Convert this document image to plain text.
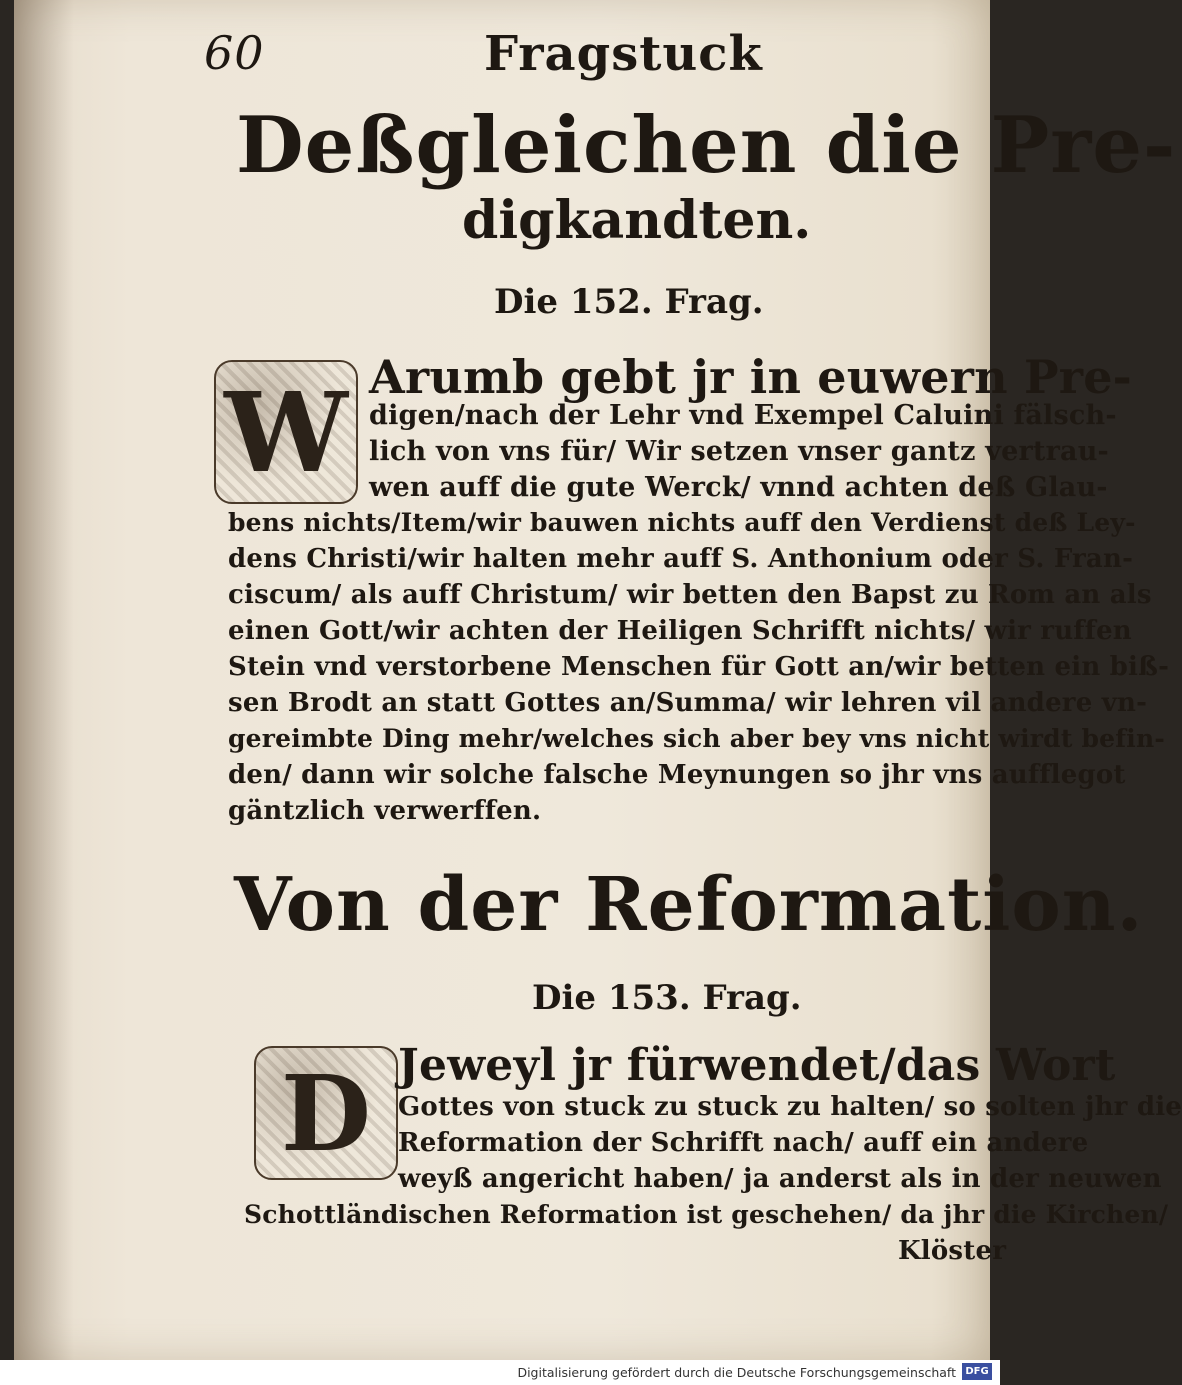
60	Fragstuck
Deßgleichen die Pre-
digkandten.
Die 152. Frag.
W Arumb gebt jr in euwern Pre-
digen/nach der Lehr vnd Exempel Caluini fälsch-
lich von vns für/ Wir setzen vnser gantz vertrau-
wen auff die gute Werck/ vnnd achten deß Glau-
bens nichts/Item/wir bauwen nichts auff den Verdienst deß Ley-
dens Christi/wir halten mehr auff S. Anthonium oder S. Fran-
ciscum/ als auff Christum/ wir betten den Bapst zu Rom an als
einen Gott/wir achten der Heiligen Schrifft nichts/ wir ruffen
Stein vnd verstorbene Menschen für Gott an/wir betten ein biß-
sen Brodt an statt Gottes an/Summa/ wir lehren vil andere vn-
gereimbte Ding mehr/welches sich aber bey vns nicht wirdt befin-
den/ dann wir solche falsche Meynungen so jhr vns aufflegot
gäntzlich verwerffen.
Von der Reformation.
Die 153. Frag.
D Jeweyl jr fürwendet/das Wort
Gottes von stuck zu stuck zu halten/ so solten jhr die
Reformation der Schrifft nach/ auff ein andere
weyß angericht haben/ ja anderst als in der neuwen
Schottländischen Reformation ist geschehen/ da jhr die Kirchen/
Klöster
Digitalisierung gefördert durch die Deutsche Forschungsgemeinschaft DFG
